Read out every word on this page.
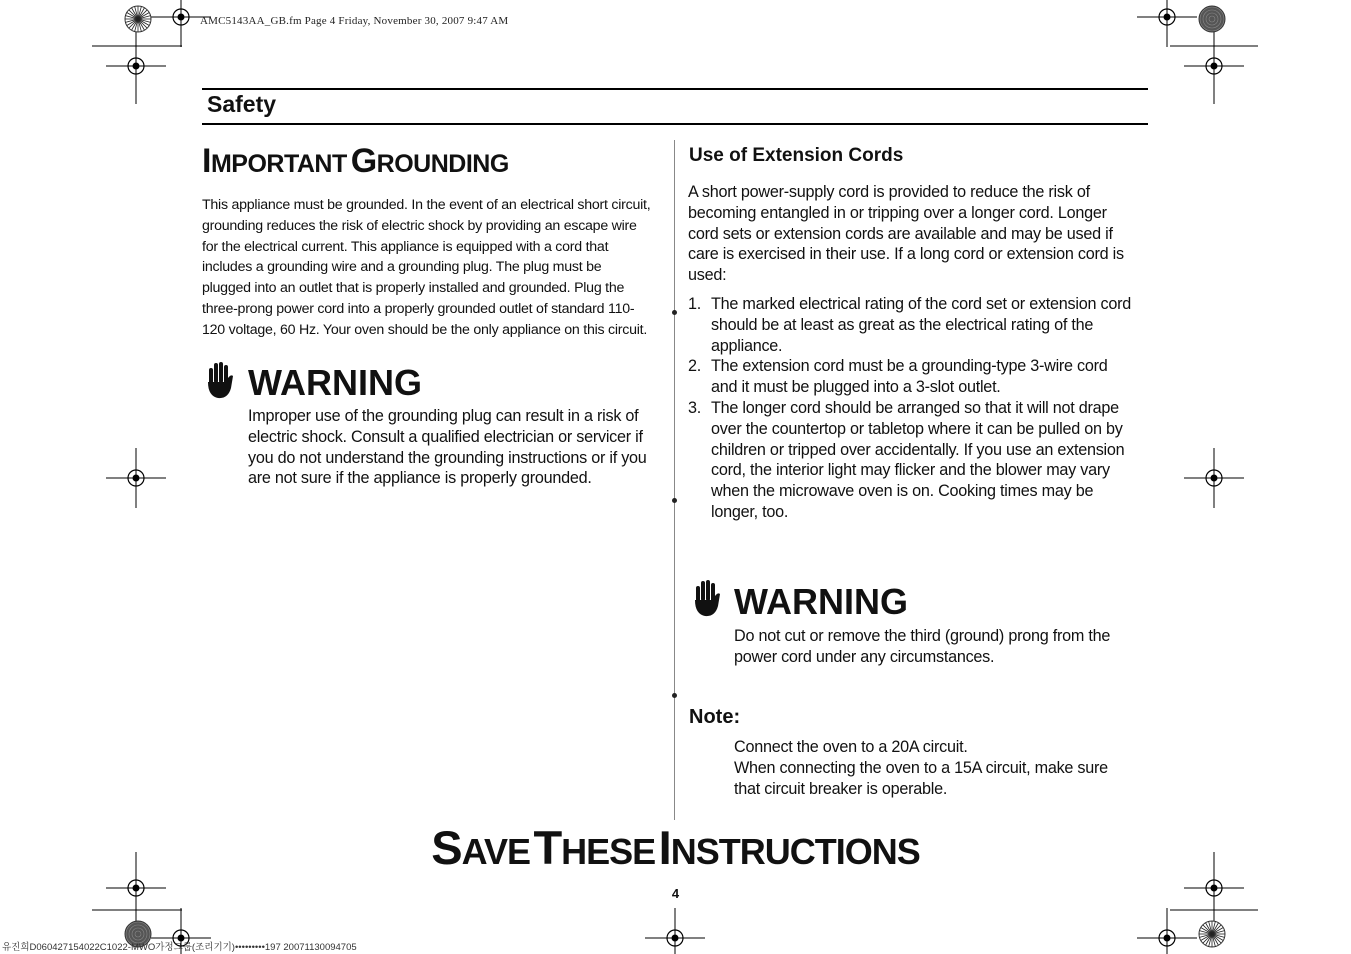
AMC5143AA_GB.fm Page 4 Friday, November 30, 2007 9:47 AM
Safety
IMPORTANT GROUNDING
This appliance must be grounded. In the event of an electrical short circuit,
grounding reduces the risk of electric shock by providing an escape wire
for the electrical current. This appliance is equipped with a cord that
includes a grounding wire and a grounding plug. The plug must be
plugged into an outlet that is properly installed and grounded. Plug the
three-prong power cord into a properly grounded outlet of standard 110-
120 voltage, 60 Hz. Your oven should be the only appliance on this circuit.
WARNING
Improper use of the grounding plug can result in a risk of
electric shock. Consult a qualified electrician or servicer if
you do not understand the grounding instructions or if you
are not sure if the appliance is properly grounded.
Use of Extension Cords
A short power-supply cord is provided to reduce the risk of
becoming entangled in or tripping over a longer cord. Longer
cord sets or extension cords are available and may be used if
care is exercised in their use. If a long cord or extension cord is
used:
1. The marked electrical rating of the cord set or extension cord
should be at least as great as the electrical rating of the
appliance.
2. The extension cord must be a grounding-type 3-wire cord
and it must be plugged into a 3-slot outlet.
3. The longer cord should be arranged so that it will not drape
over the countertop or tabletop where it can be pulled on by
children or tripped over accidentally. If you use an extension
cord, the interior light may flicker and the blower may vary
when the microwave oven is on. Cooking times may be
longer, too.
WARNING
Do not cut or remove the third (ground) prong from the
power cord under any circumstances.
Note:
Connect the oven to a 20A circuit.
When connecting the oven to a 15A circuit, make sure
that circuit breaker is operable.
SAVE THESE INSTRUCTIONS
4
유진희D060427154022C1022-MWO가정그룹(조리기기)•••••••••197 20071130094705
